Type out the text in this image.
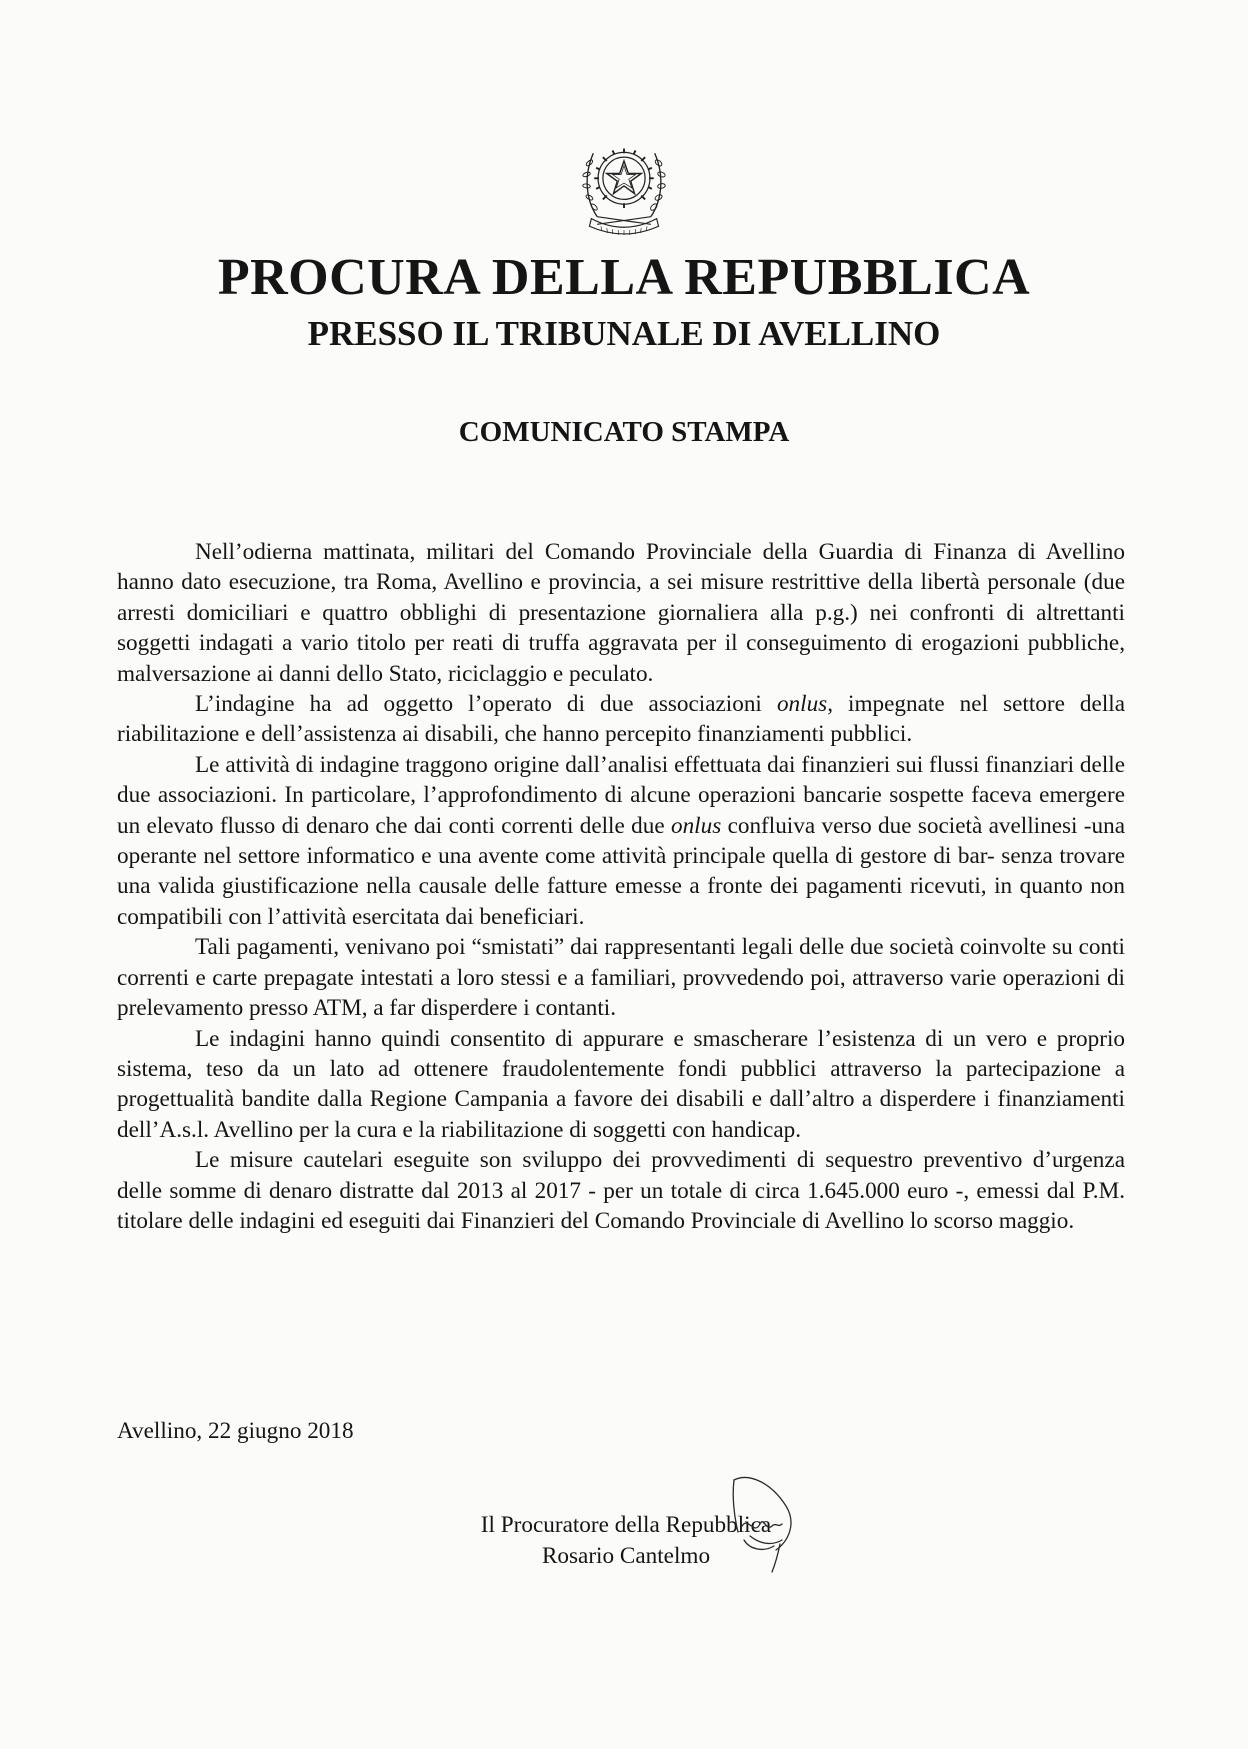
PROCURA DELLA REPUBBLICA
PRESSO IL TRIBUNALE DI AVELLINO
COMUNICATO STAMPA

Nell’odierna mattinata, militari del Comando Provinciale della Guardia di Finanza di Avellino hanno dato esecuzione, tra Roma, Avellino e provincia, a sei misure restrittive della libertà personale (due arresti domiciliari e quattro obblighi di presentazione giornaliera alla p.g.) nei confronti di altrettanti soggetti indagati a vario titolo per reati di truffa aggravata per il conseguimento di erogazioni pubbliche, malversazione ai danni dello Stato, riciclaggio e peculato.

L’indagine ha ad oggetto l’operato di due associazioni onlus, impegnate nel settore della riabilitazione e dell’assistenza ai disabili, che hanno percepito finanziamenti pubblici.

Le attività di indagine traggono origine dall’analisi effettuata dai finanzieri sui flussi finanziari delle due associazioni. In particolare, l’approfondimento di alcune operazioni bancarie sospette faceva emergere un elevato flusso di denaro che dai conti correnti delle due onlus confluiva verso due società avellinesi -una operante nel settore informatico e una avente come attività principale quella di gestore di bar- senza trovare una valida giustificazione nella causale delle fatture emesse a fronte dei pagamenti ricevuti, in quanto non compatibili con l’attività esercitata dai beneficiari.

Tali pagamenti, venivano poi “smistati” dai rappresentanti legali delle due società coinvolte su conti correnti e carte prepagate intestati a loro stessi e a familiari, provvedendo poi, attraverso varie operazioni di prelevamento presso ATM, a far disperdere i contanti.

Le indagini hanno quindi consentito di appurare e smascherare l’esistenza di un vero e proprio sistema, teso da un lato ad ottenere fraudolentemente fondi pubblici attraverso la partecipazione a progettualità bandite dalla Regione Campania a favore dei disabili e dall’altro a disperdere i finanziamenti dell’A.s.l. Avellino per la cura e la riabilitazione di soggetti con handicap.

Le misure cautelari eseguite son sviluppo dei provvedimenti di sequestro preventivo d’urgenza delle somme di denaro distratte dal 2013 al 2017 - per un totale di circa 1.645.000 euro -, emessi dal P.M. titolare delle indagini ed eseguiti dai Finanzieri del Comando Provinciale di Avellino lo scorso maggio.

Avellino, 22 giugno 2018
Il Procuratore della Repubblica
Rosario Cantelmo
